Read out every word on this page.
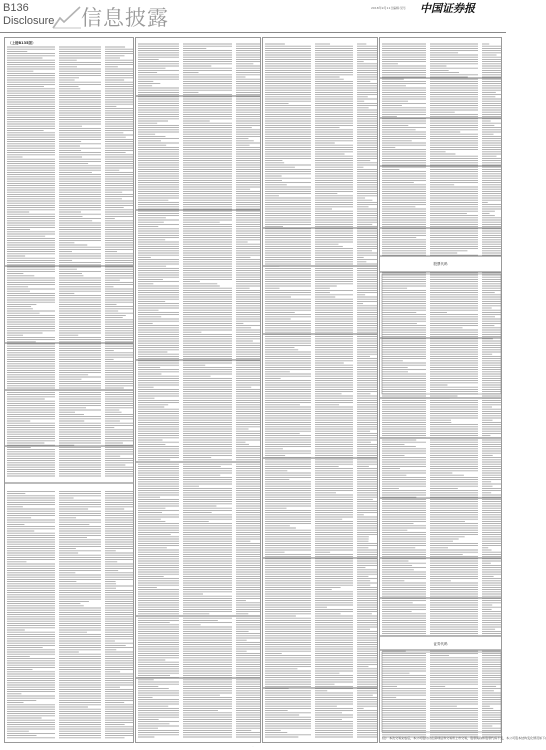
B136
Disclosure 信息披露	2018年9月11日 编辑:吴乐 中国证券报
（上接B135版）
股票代码
证券代码
(注：本次交易完成后，本公司股份仍在深圳证券交易所上市交易，股票简称和股票代码不变，本公司股本结构变化情况如下)
·
